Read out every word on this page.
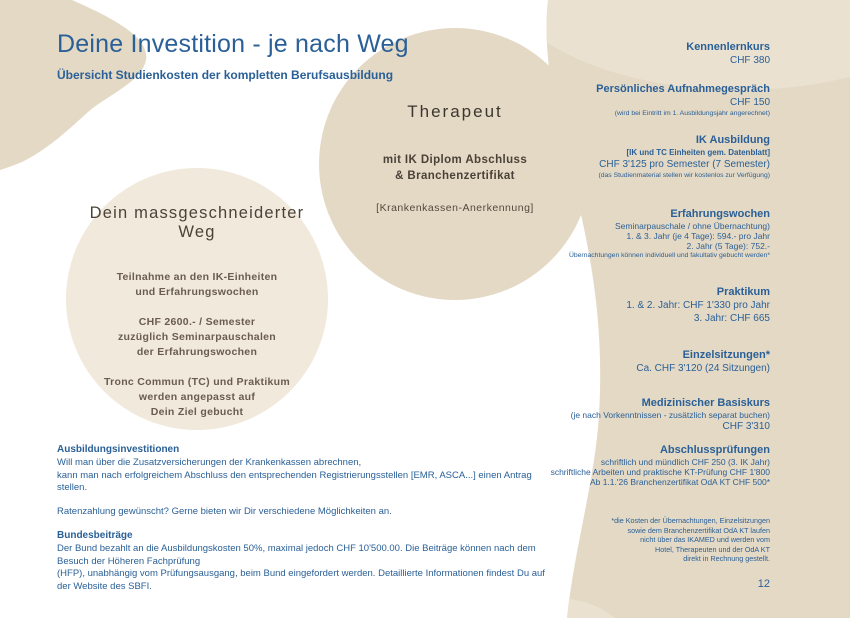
Deine Investition - je nach Weg
Übersicht Studienkosten der kompletten Berufsausbildung
Dein massgeschneiderter Weg
Teilnahme an den IK-Einheiten
und Erfahrungswochen
CHF 2600.- / Semester
zuzüglich Seminarpauschalen
der Erfahrungswochen
Tronc Commun (TC) und Praktikum
werden angepasst auf
Dein Ziel gebucht
Therapeut
mit IK Diplom Abschluss
& Branchenzertifikat
[Krankenkassen-Anerkennung]
Kennenlernkurs
CHF 380
Persönliches Aufnahmegespräch
CHF 150
(wird bei Eintritt im 1. Ausbildungsjahr angerechnet)
IK Ausbildung
[IK und TC Einheiten gem. Datenblatt]
CHF 3'125 pro Semester (7 Semester)
(das Studienmaterial stellen wir kostenlos zur Verfügung)
Erfahrungswochen
Seminarpauschale / ohne Übernachtung)
1. & 3. Jahr (je 4 Tage): 594.- pro Jahr
2. Jahr (5 Tage): 752.-
Übernachtungen können individuell und fakultativ gebucht werden*
Praktikum
1. & 2. Jahr: CHF 1'330 pro Jahr
3. Jahr: CHF 665
Einzelsitzungen*
Ca. CHF 3'120 (24 Sitzungen)
Medizinischer Basiskurs
(je nach Vorkenntnissen - zusätzlich separat buchen)
CHF 3'310
Abschlussprüfungen
schriftlich und mündlich CHF 250 (3. IK Jahr)
schriftliche Arbeiten und praktische KT-Prüfung CHF 1'800
Ab 1.1.'26 Branchenzertifikat OdA KT CHF 500*
*die Kosten der Übernachtungen, Einzelsitzungen
sowie dem Branchenzertifikat OdA KT laufen
nicht über das IKAMED und werden vom
Hotel, Therapeuten und der OdA KT
direkt in Rechnung gestellt.
12
Ausbildungsinvestitionen
Will man über die Zusatzversicherungen der Krankenkassen abrechnen,
kann man nach erfolgreichem Abschluss den entsprechenden Registrierungsstellen [EMR, ASCA...] einen Antrag stellen.
Ratenzahlung gewünscht? Gerne bieten wir Dir verschiedene Möglichkeiten an.
Bundesbeiträge
Der Bund bezahlt an die Ausbildungskosten 50%, maximal jedoch CHF 10'500.00. Die Beiträge können nach dem Besuch der Höheren Fachprüfung
(HFP), unabhängig vom Prüfungsausgang, beim Bund eingefordert werden. Detaillierte Informationen findest Du auf der Website des SBFI.
